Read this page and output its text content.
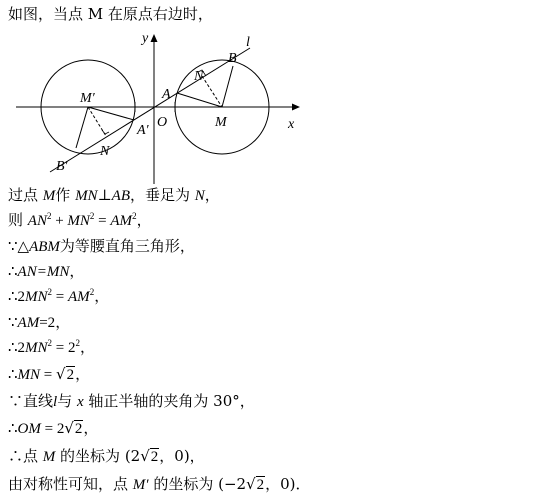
如图，当点 M 在原点右边时，
y
x
l
O
A
B
M
N
A′
B′
M′
N
过点 M作 MN⊥AB，垂足为 N，
则 $AN^2 + MN^2 = AM^2$，
∵△ABM为等腰直角三角形，
∴AN=MN，
$\therefore 2MN^2 = AM^2$，
∵AM=2，
$\therefore 2MN^2 = 2^2$，
∴MN = √2，
∵直线l与 x 轴正半轴的夹角为 30°，
∴OM = 2√2，
∴点 M 的坐标为 (2√2，0)，
由对称性可知，点 M′ 的坐标为 (−2√2，0)．
